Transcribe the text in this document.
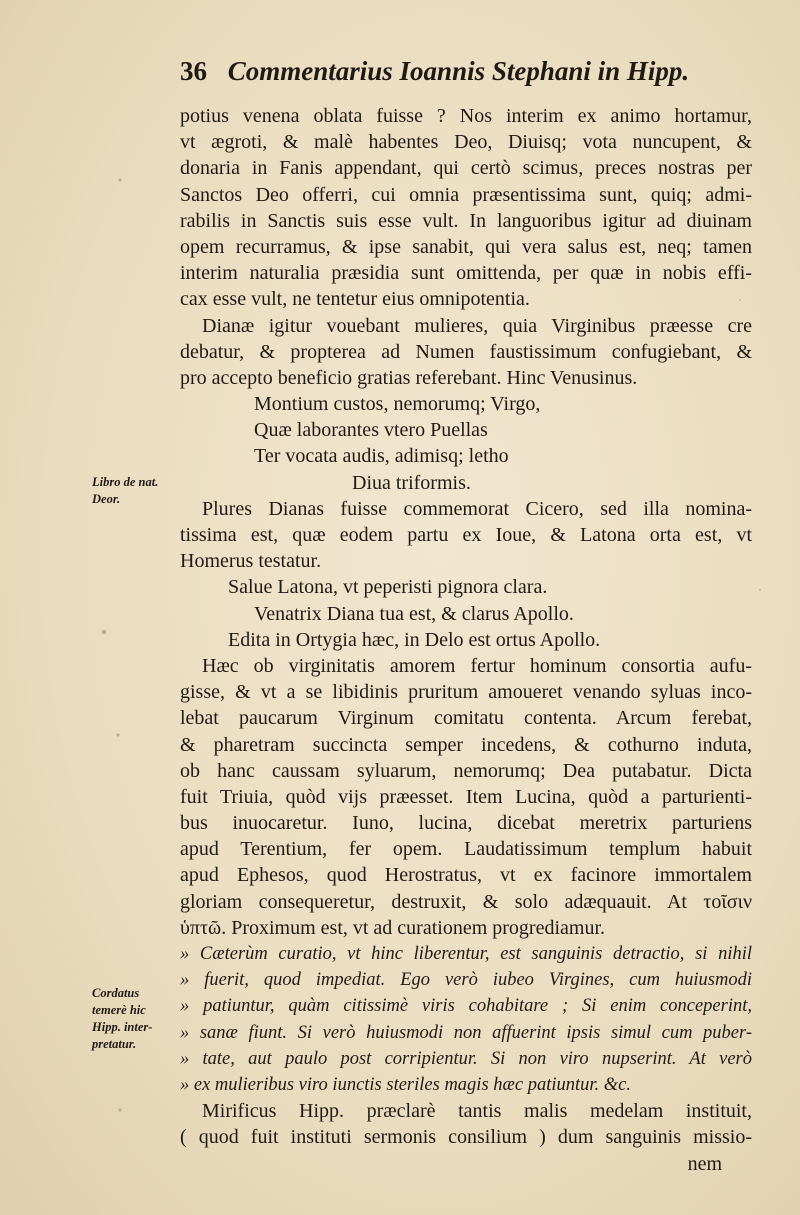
36 Commentarius Ioannis Stephani in Hipp.
potius venena oblata fuisse ? Nos interim ex animo hortamur,
vt ægroti, & malè habentes Deo, Diuisq; vota nuncupent, &
donaria in Fanis appendant, qui certò scimus, preces nostras per
Sanctos Deo offerri, cui omnia præsentissima sunt, quiq; admi-
rabilis in Sanctis suis esse vult. In languoribus igitur ad diuinam
opem recurramus, & ipse sanabit, qui vera salus est, neq; tamen
interim naturalia præsidia sunt omittenda, per quæ in nobis effi-
cax esse vult, ne tentetur eius omnipotentia.
Dianæ igitur vouebant mulieres, quia Virginibus præesse cre
debatur, & propterea ad Numen faustissimum confugiebant, &
pro accepto beneficio gratias referebant. Hinc Venusinus.
Montium custos, nemorumq; Virgo,
Quæ laborantes vtero Puellas
Ter vocata audis, adimisq; letho
Diua triformis.
Plures Dianas fuisse commemorat Cicero, sed illa nomina-
tissima est, quæ eodem partu ex Ioue, & Latona orta est, vt
Homerus testatur.
Salue Latona, vt peperisti pignora clara.
Venatrix Diana tua est, & clarus Apollo.
Edita in Ortygia hæc, in Delo est ortus Apollo.
Hæc ob virginitatis amorem fertur hominum consortia aufu-
gisse, & vt a se libidinis pruritum amoueret venando syluas inco-
lebat paucarum Virginum comitatu contenta. Arcum ferebat,
& pharetram succincta semper incedens, & cothurno induta,
ob hanc caussam syluarum, nemorumq; Dea putabatur. Dicta
fuit Triuia, quòd vijs præesset. Item Lucina, quòd a parturienti-
bus inuocaretur. Iuno, lucina, dicebat meretrix parturiens
apud Terentium, fer opem. Laudatissimum templum habuit
apud Ephesos, quod Herostratus, vt ex facinore immortalem
gloriam consequeretur, destruxit, & solo adæquauit. At τοῖσιν
ὑπτῶ. Proximum est, vt ad curationem progrediamur.
» Cæterùm curatio, vt hinc liberentur, est sanguinis detractio, si nihil
» fuerit, quod impediat. Ego verò iubeo Virgines, cum huiusmodi
» patiuntur, quàm citissimè viris cohabitare ; Si enim conceperint,
» sanæ fiunt. Si verò huiusmodi non affuerint ipsis simul cum puber-
» tate, aut paulo post corripientur. Si non viro nupserint. At verò
» ex mulieribus viro iunctis steriles magis hæc patiuntur. &c.
Mirificus Hipp. præclarè tantis malis medelam instituit,
( quod fuit instituti sermonis consilium ) dum sanguinis missio-
nem
Libro de nat. Deor.
Cordatus temerè hic Hipp. inter-pretatur.
